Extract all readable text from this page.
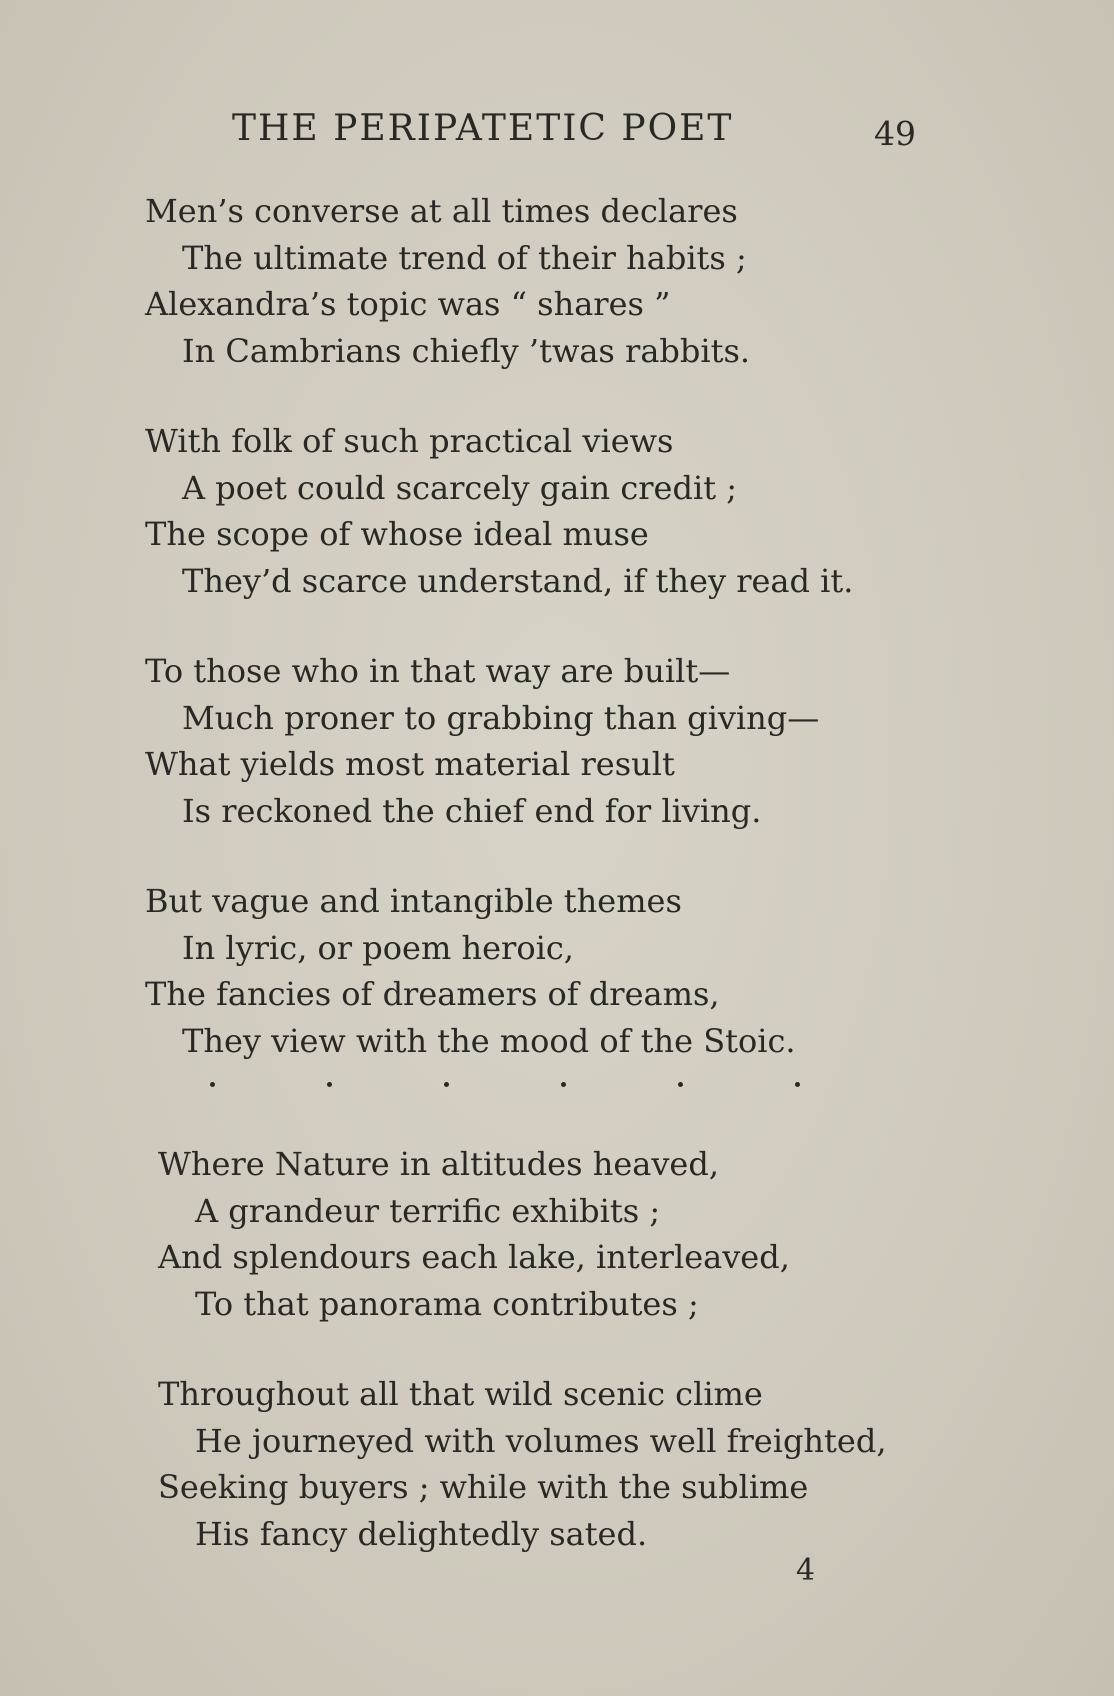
THE PERIPATETIC POET	49
Men’s converse at all times declares
The ultimate trend of their habits ;
Alexandra’s topic was “ shares ”
In Cambrians chiefly ’twas rabbits.
With folk of such practical views
A poet could scarcely gain credit ;
The scope of whose ideal muse
They’d scarce understand, if they read it.
To those who in that way are built—
Much proner to grabbing than giving—
What yields most material result
Is reckoned the chief end for living.
But vague and intangible themes
In lyric, or poem heroic,
The fancies of dreamers of dreams,
They view with the mood of the Stoic.
Where Nature in altitudes heaved,
A grandeur terrific exhibits ;
And splendours each lake, interleaved,
To that panorama contributes ;
Throughout all that wild scenic clime
He journeyed with volumes well freighted,
Seeking buyers ; while with the sublime
His fancy delightedly sated.
4
